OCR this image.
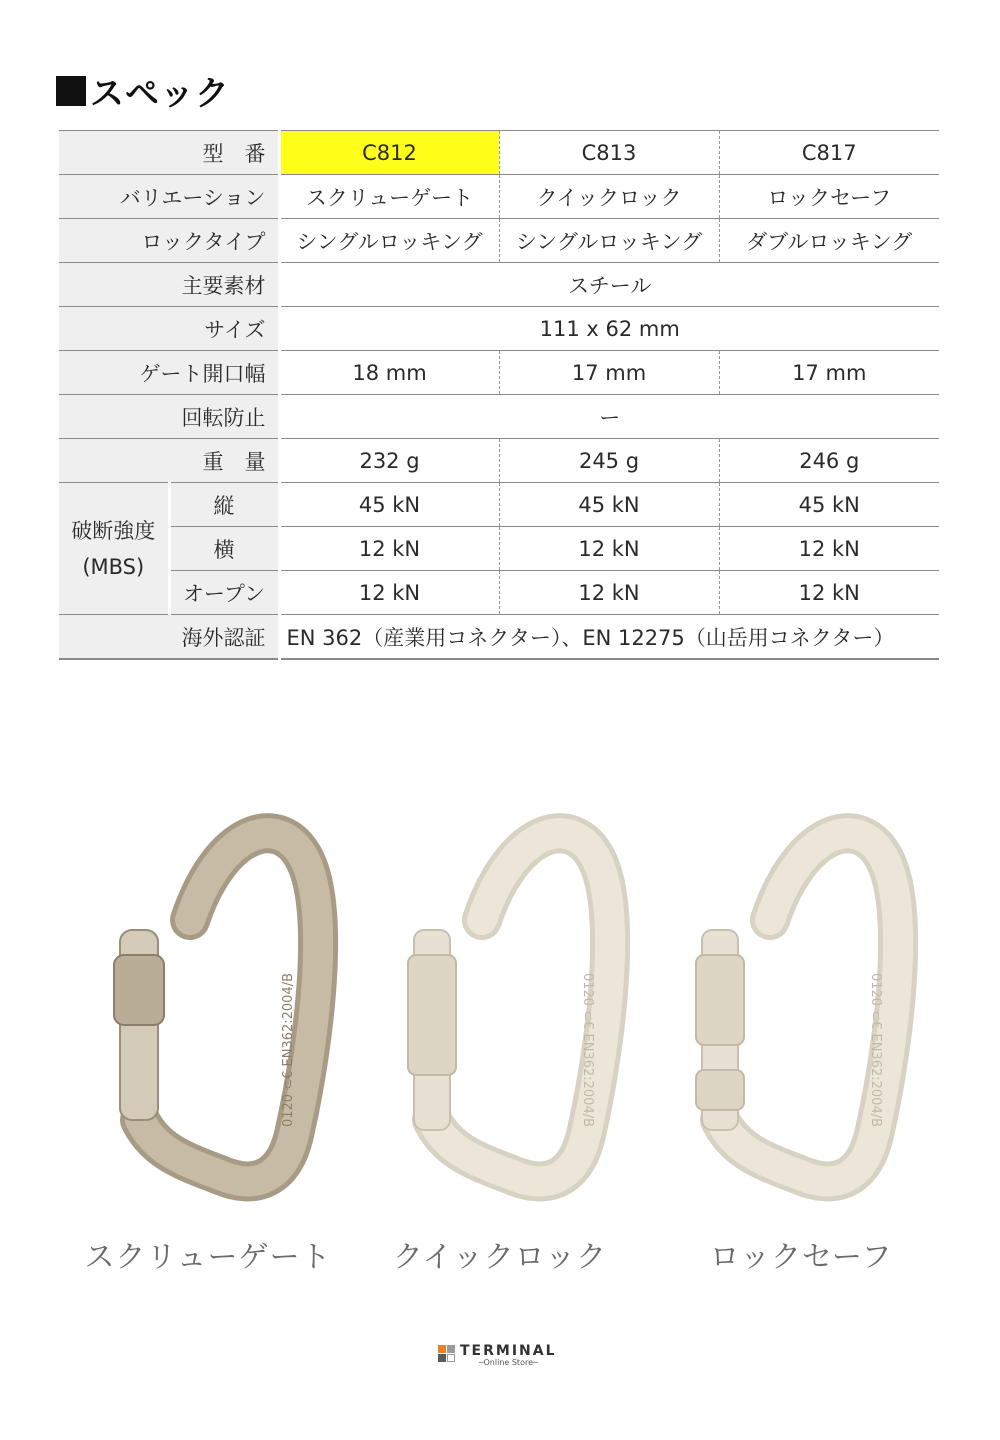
スペック
型　番		C812	C813	C817
バリエーション		スクリューゲート	クイックロック	ロックセーフ
ロックタイプ		シングルロッキング	シングルロッキング	ダブルロッキング
主要素材		スチール		
サイズ		111 x 62 mm		
ゲート開口幅		18 mm	17 mm	17 mm
回転防止		ー		
重　量		232 g	245 g	246 g
破断強度
(MBS)	縦	45 kN	45 kN	45 kN
	横	12 kN	12 kN	12 kN
	オープン	12 kN	12 kN	12 kN
海外認証		EN 362（産業用コネクター）、EN 12275（山岳用コネクター）		
0120 ⊂€ EN362:2004/B	0120 ⊂€ EN362:2004/B	0120 ⊂€ EN362:2004/B
スクリューゲート	クイックロック	ロックセーフ
TERMINAL
─Online Store─
